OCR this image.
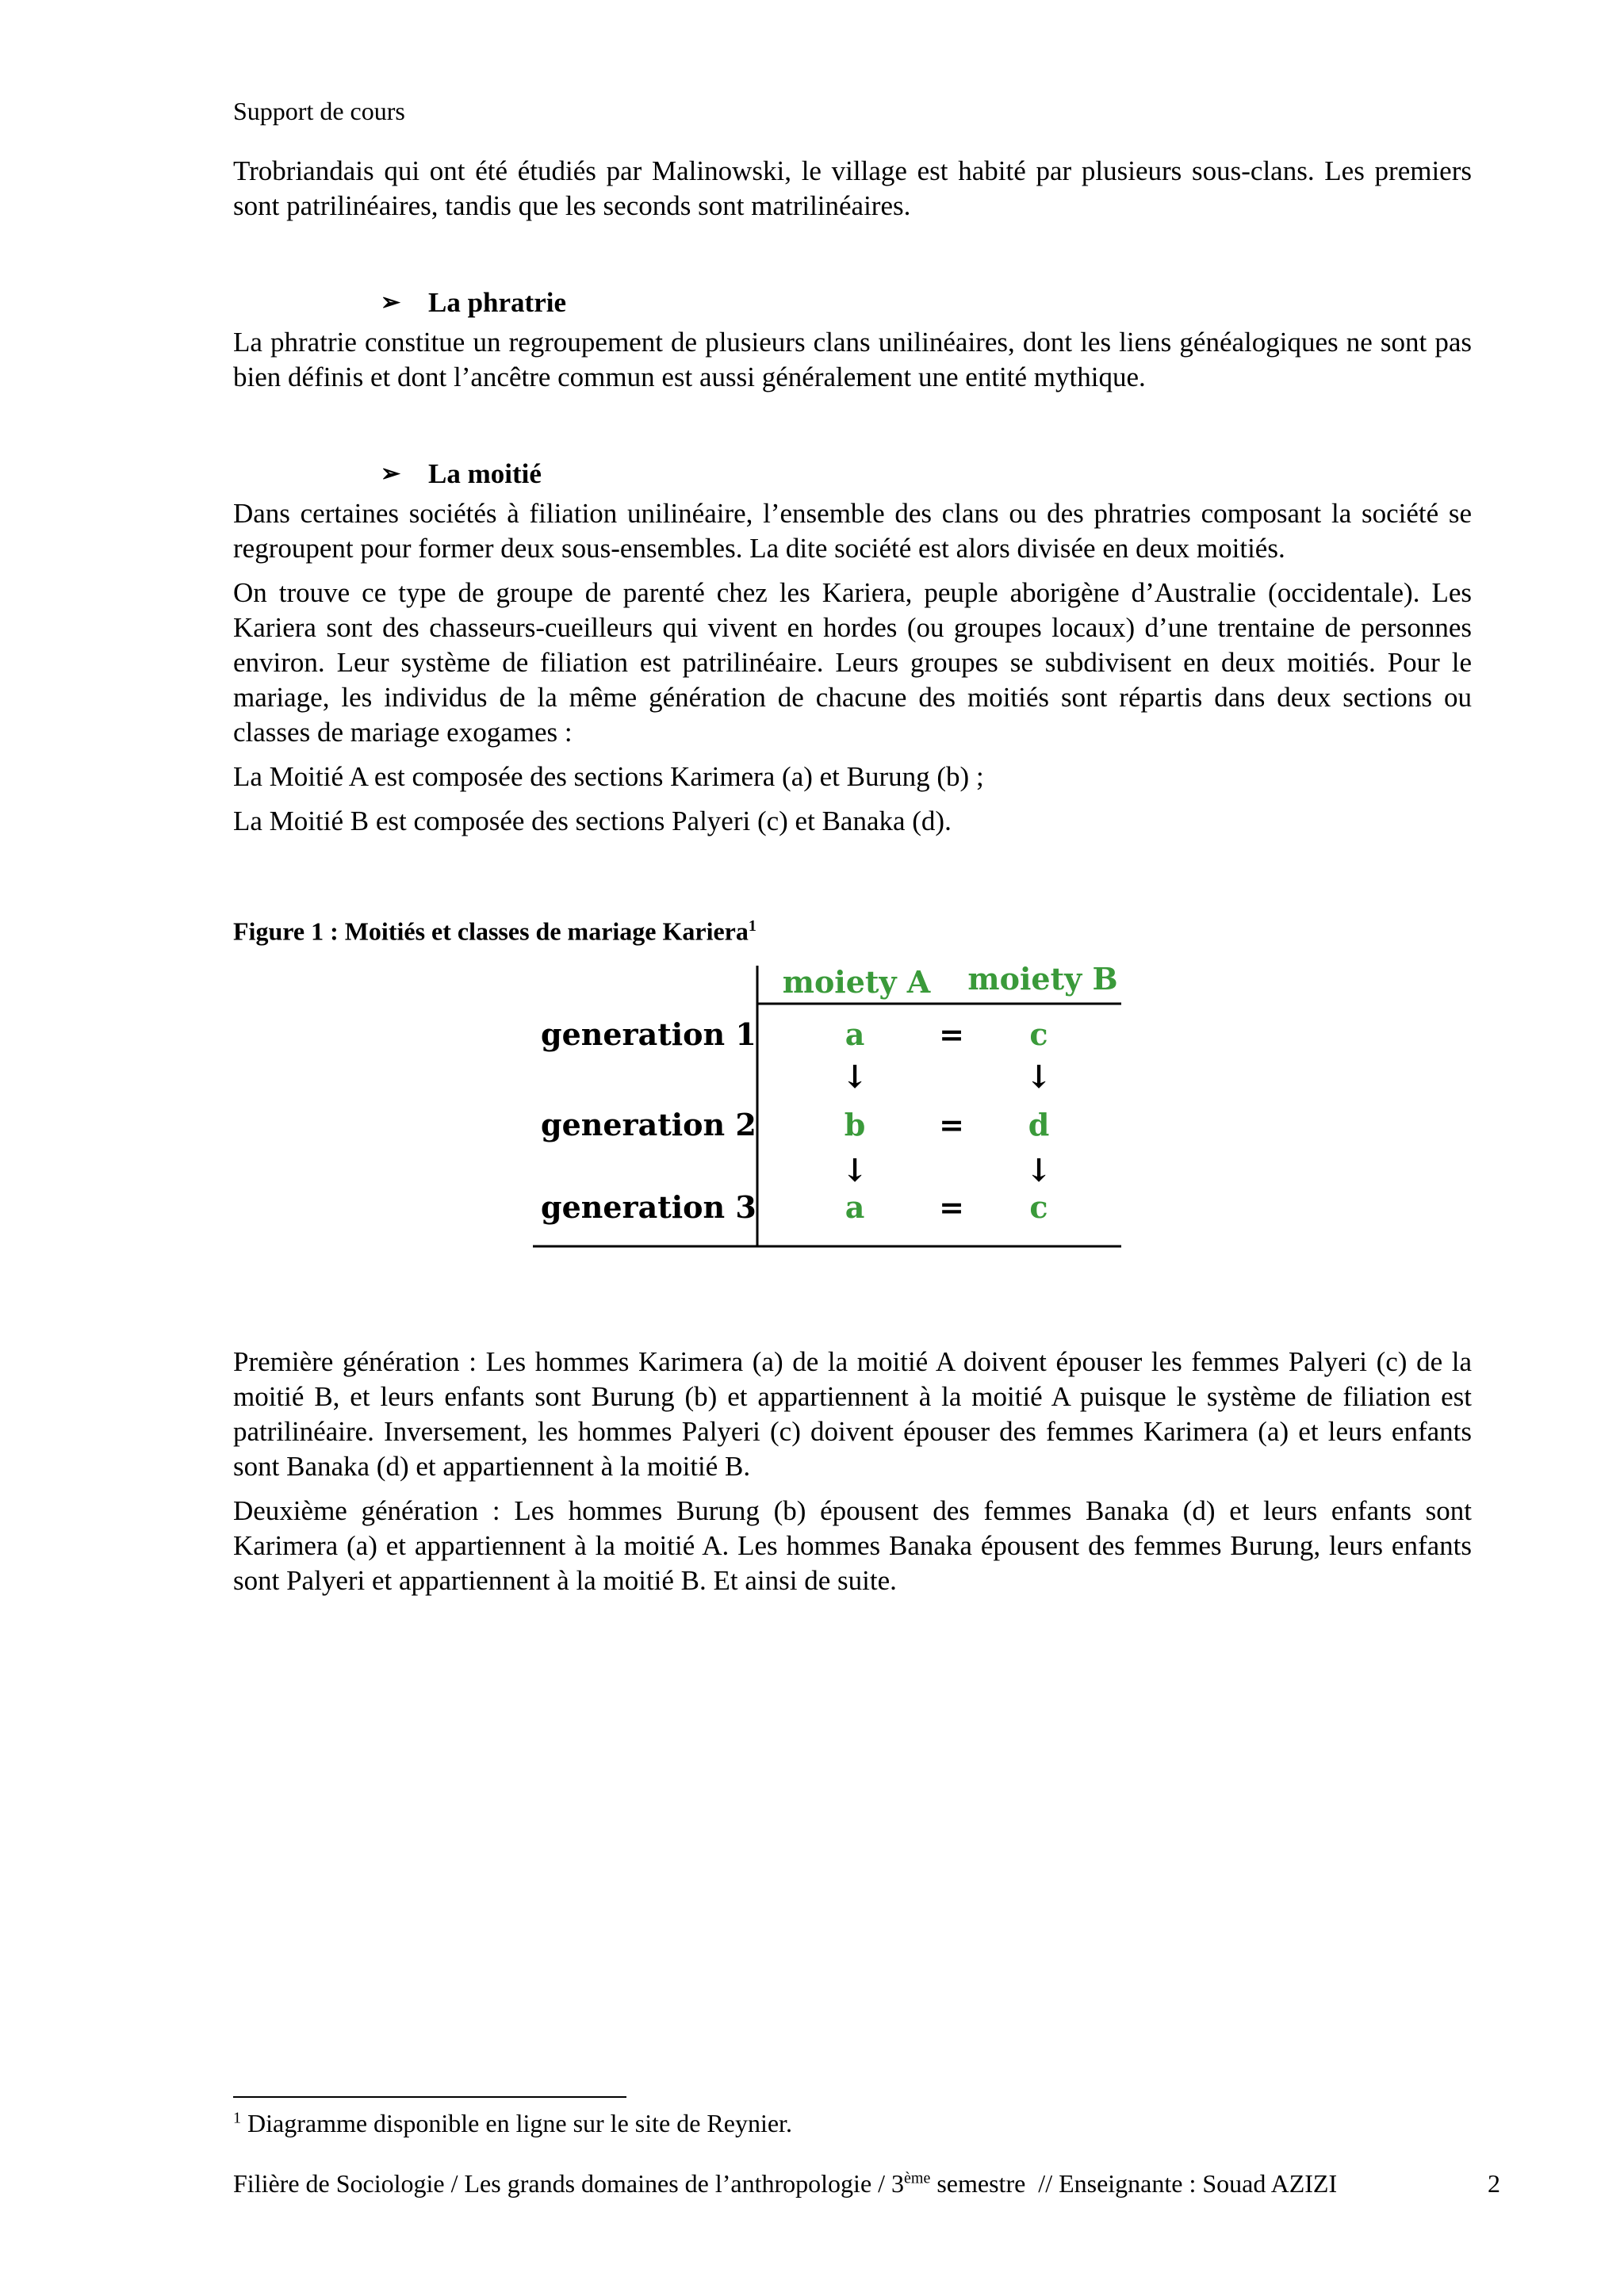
Support de cours

Trobriandais qui ont été étudiés par Malinowski, le village est habité par plusieurs sous-clans. Les premiers sont patrilinéaires, tandis que les seconds sont matrilinéaires.

➢ La phratrie

La phratrie constitue un regroupement de plusieurs clans unilinéaires, dont les liens généalogiques ne sont pas bien définis et dont l’ancêtre commun est aussi généralement une entité mythique.

➢ La moitié

Dans certaines sociétés à filiation unilinéaire, l’ensemble des clans ou des phratries composant la société se regroupent pour former deux sous-ensembles. La dite société est alors divisée en deux moitiés.

On trouve ce type de groupe de parenté chez les Kariera, peuple aborigène d’Australie (occidentale). Les Kariera sont des chasseurs-cueilleurs qui vivent en hordes (ou groupes locaux) d’une trentaine de personnes environ. Leur système de filiation est patrilinéaire. Leurs groupes se subdivisent en deux moitiés. Pour le mariage, les individus de la même génération de chacune des moitiés sont répartis dans deux sections ou classes de mariage exogames :

La Moitié A est composée des sections Karimera (a) et Burung (b) ;

La Moitié B est composée des sections Palyeri (c) et Banaka (d).

Figure 1 : Moitiés et classes de mariage Kariera$^1$
moiety A moiety B
generation 1	a = c
↓	↓
generation 2	b = d
↓	↓
generation 3	a = c

Première génération : Les hommes Karimera (a) de la moitié A doivent épouser les femmes Palyeri (c) de la moitié B, et leurs enfants sont Burung (b) et appartiennent à la moitié A puisque le système de filiation est patrilinéaire. Inversement, les hommes Palyeri (c) doivent épouser des femmes Karimera (a) et leurs enfants sont Banaka (d) et appartiennent à la moitié B.

Deuxième génération : Les hommes Burung (b) épousent des femmes Banaka (d) et leurs enfants sont Karimera (a) et appartiennent à la moitié A. Les hommes Banaka épousent des femmes Burung, leurs enfants sont Palyeri et appartiennent à la moitié B. Et ainsi de suite.

$^1$ Diagramme disponible en ligne sur le site de Reynier.
Filière de Sociologie / Les grands domaines de l’anthropologie / 3ème semestre  // Enseignante : Souad AZIZI	2
